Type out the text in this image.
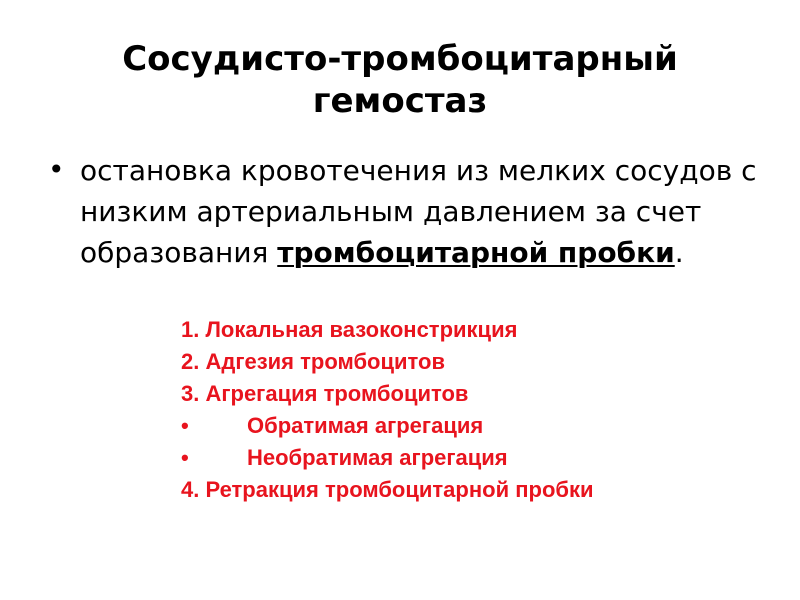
Сосудисто-тромбоцитарный
гемостаз
• остановка кровотечения из мелких сосудов с низким артериальным давлением за счет образования тромбоцитарной пробки.
1. Локальная вазоконстрикция
2. Адгезия тромбоцитов
3. Агрегация тромбоцитов
•	Обратимая агрегация
•	Необратимая агрегация
4. Ретракция тромбоцитарной пробки
